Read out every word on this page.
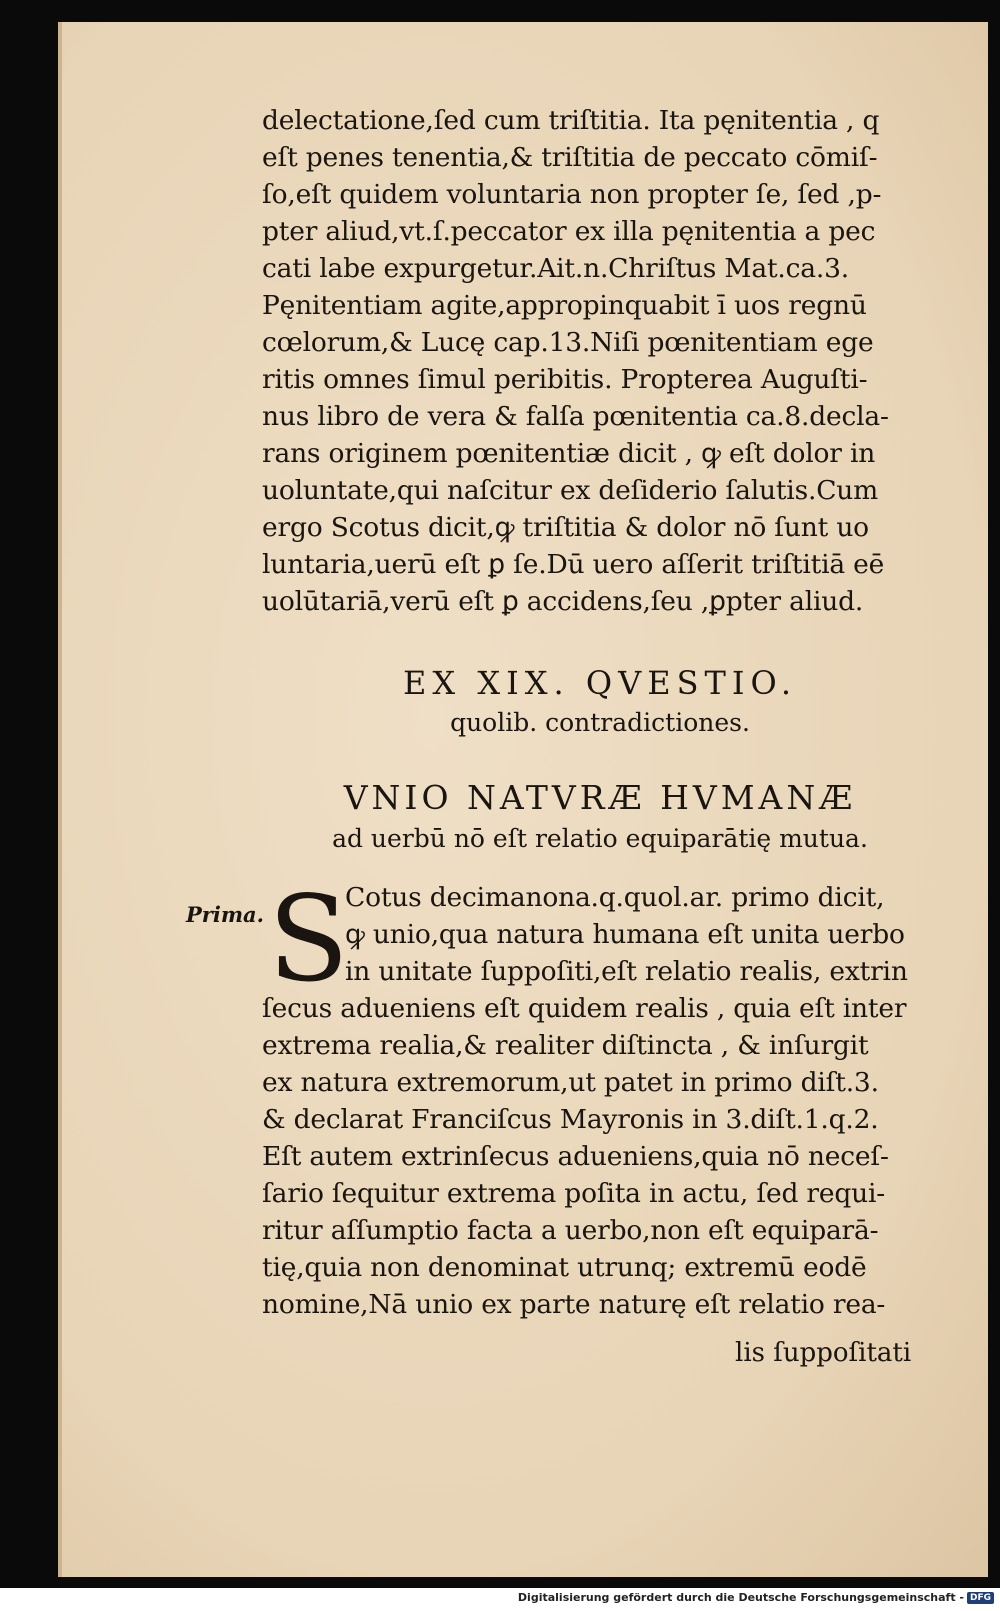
delectatione,ſed cum triſtitia. Ita pęnitentia , q
eſt penes tenentia,& triſtitia de peccato cōmiſ-
ſo,eſt quidem voluntaria non propter ſe, ſed ,p-
pter aliud,vt.ſ.peccator ex illa pęnitentia a pec
cati labe expurgetur.Ait.n.Chriſtus Mat.ca.3.
Pęnitentiam agite,appropinquabit ī uos regnū
cœlorum,& Lucę cap.13.Niſi pœnitentiam ege
ritis omnes ſimul peribitis. Propterea Auguſti-
nus libro de vera & falſa pœnitentia ca.8.decla-
rans originem pœnitentiæ dicit , ꝙ eſt dolor in
uoluntate,qui naſcitur ex deſiderio ſalutis.Cum
ergo Scotus dicit,ꝙ triſtitia & dolor nō ſunt uo
luntaria,uerū eſt ꝑ ſe.Dū uero aſſerit triſtitiā eē
uolūtariā,verū eſt ꝑ accidens,ſeu ,ꝑpter aliud.
EX XIX. QVESTIO.
quolib. contradictiones.
VNIO NATVRÆ HVMANÆ
ad uerbū nō eſt relatio equiparātię mutua.
Prima. S
Cotus decimanona.q.quol.ar. primo dicit,
ꝙ unio,qua natura humana eſt unita uerbo
in unitate ſuppoſiti,eſt relatio realis, extrin
ſecus adueniens eſt quidem realis , quia eſt inter
extrema realia,& realiter diſtincta , & inſurgit
ex natura extremorum,ut patet in primo diſt.3.
& declarat Franciſcus Mayronis in 3.diſt.1.q.2.
Eſt autem extrinſecus adueniens,quia nō neceſ-
ſario ſequitur extrema poſita in actu, ſed requi-
ritur aſſumptio facta a uerbo,non eſt equiparā-
tię,quia non denominat utrunq; extremū eodē
nomine,Nā unio ex parte naturę eſt relatio rea-
lis ſuppoſitati
Digitalisierung gefördert durch die Deutsche Forschungsgemeinschaft - DFG
